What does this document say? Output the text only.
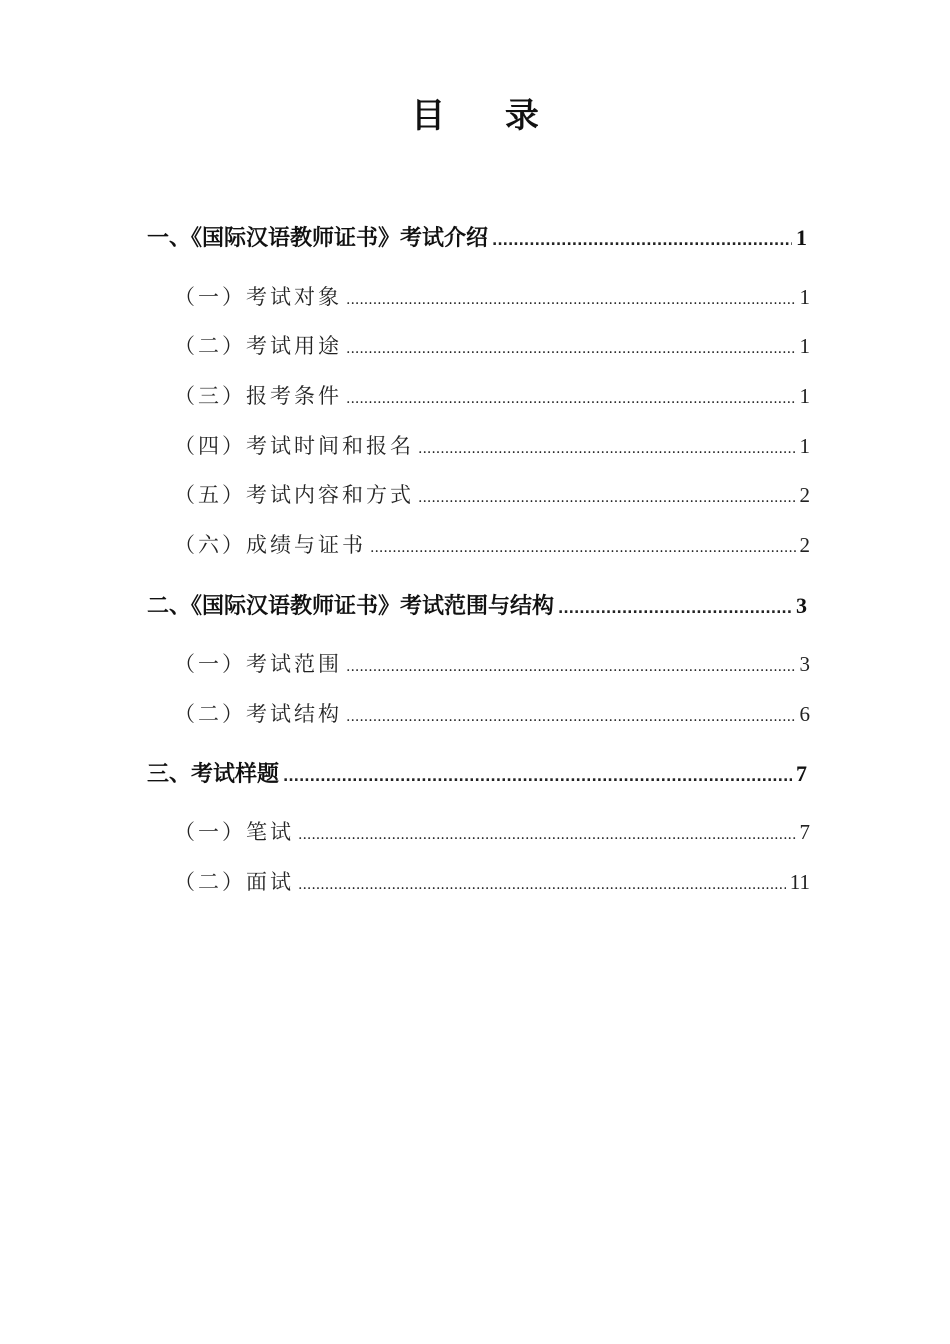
目 录
一、《国际汉语教师证书》考试介绍 .....	1
（一）考试对象 .....	1
（二）考试用途 .....	1
（三）报考条件 .....	1
（四）考试时间和报名 .....	1
（五）考试内容和方式 .....	2
（六）成绩与证书 .....	2
二、《国际汉语教师证书》考试范围与结构 .....	3
（一）考试范围 .....	3
（二）考试结构 .....	6
三、考试样题 .....	7
（一）笔试 .....	7
（二）面试 .....	11
